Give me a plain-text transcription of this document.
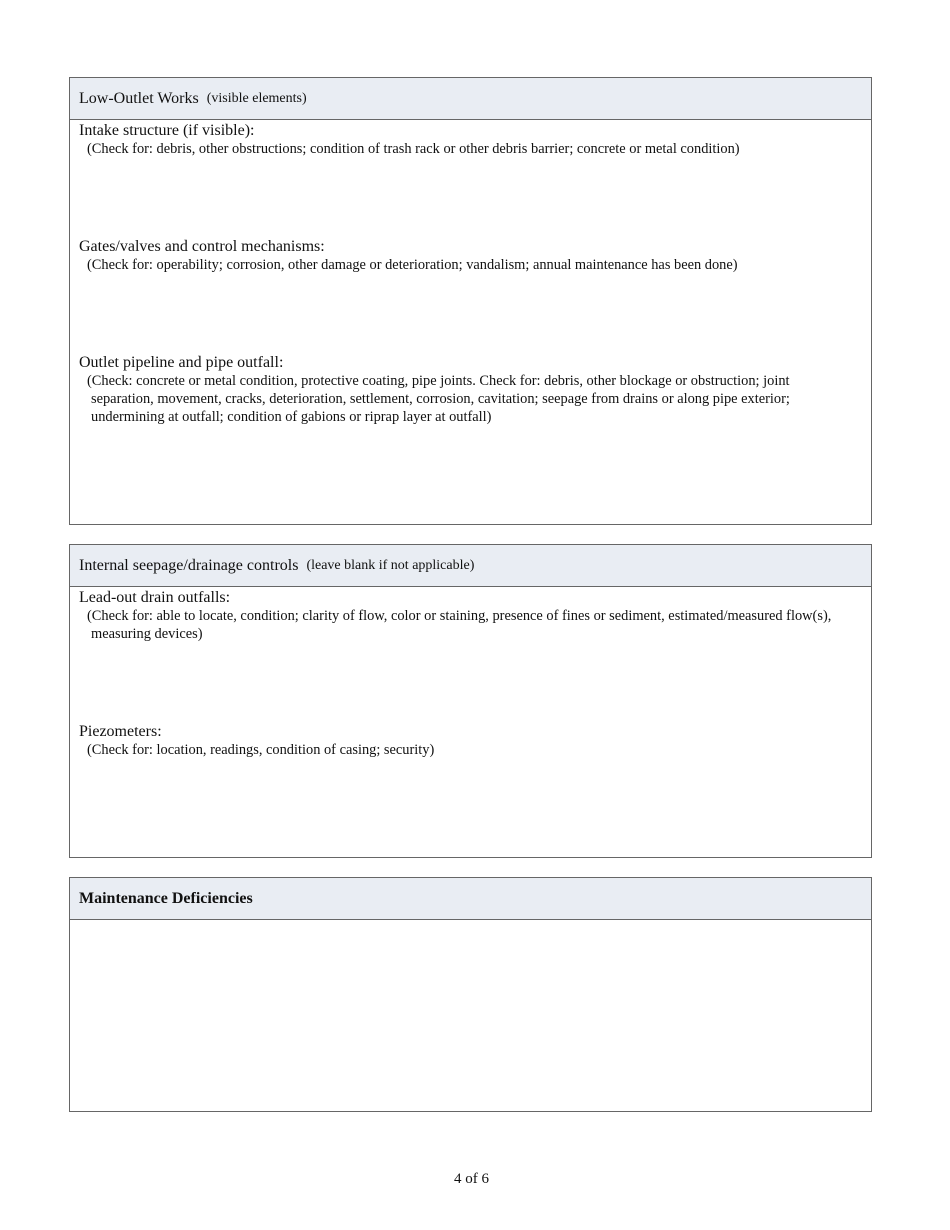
Low-Outlet Works (visible elements)
Intake structure (if visible):
(Check for: debris, other obstructions; condition of trash rack or other debris barrier; concrete or metal condition)
Gates/valves and control mechanisms:
(Check for: operability; corrosion, other damage or deterioration; vandalism; annual maintenance has been done)
Outlet pipeline and pipe outfall:
(Check: concrete or metal condition, protective coating, pipe joints. Check for: debris, other blockage or obstruction; joint separation, movement, cracks, deterioration, settlement, corrosion, cavitation; seepage from drains or along pipe exterior; undermining at outfall; condition of gabions or riprap layer at outfall)
Internal seepage/drainage controls (leave blank if not applicable)
Lead-out drain outfalls:
(Check for: able to locate, condition; clarity of flow, color or staining, presence of fines or sediment, estimated/measured flow(s), measuring devices)
Piezometers:
(Check for: location, readings, condition of casing; security)
Maintenance Deficiencies
4 of 6
